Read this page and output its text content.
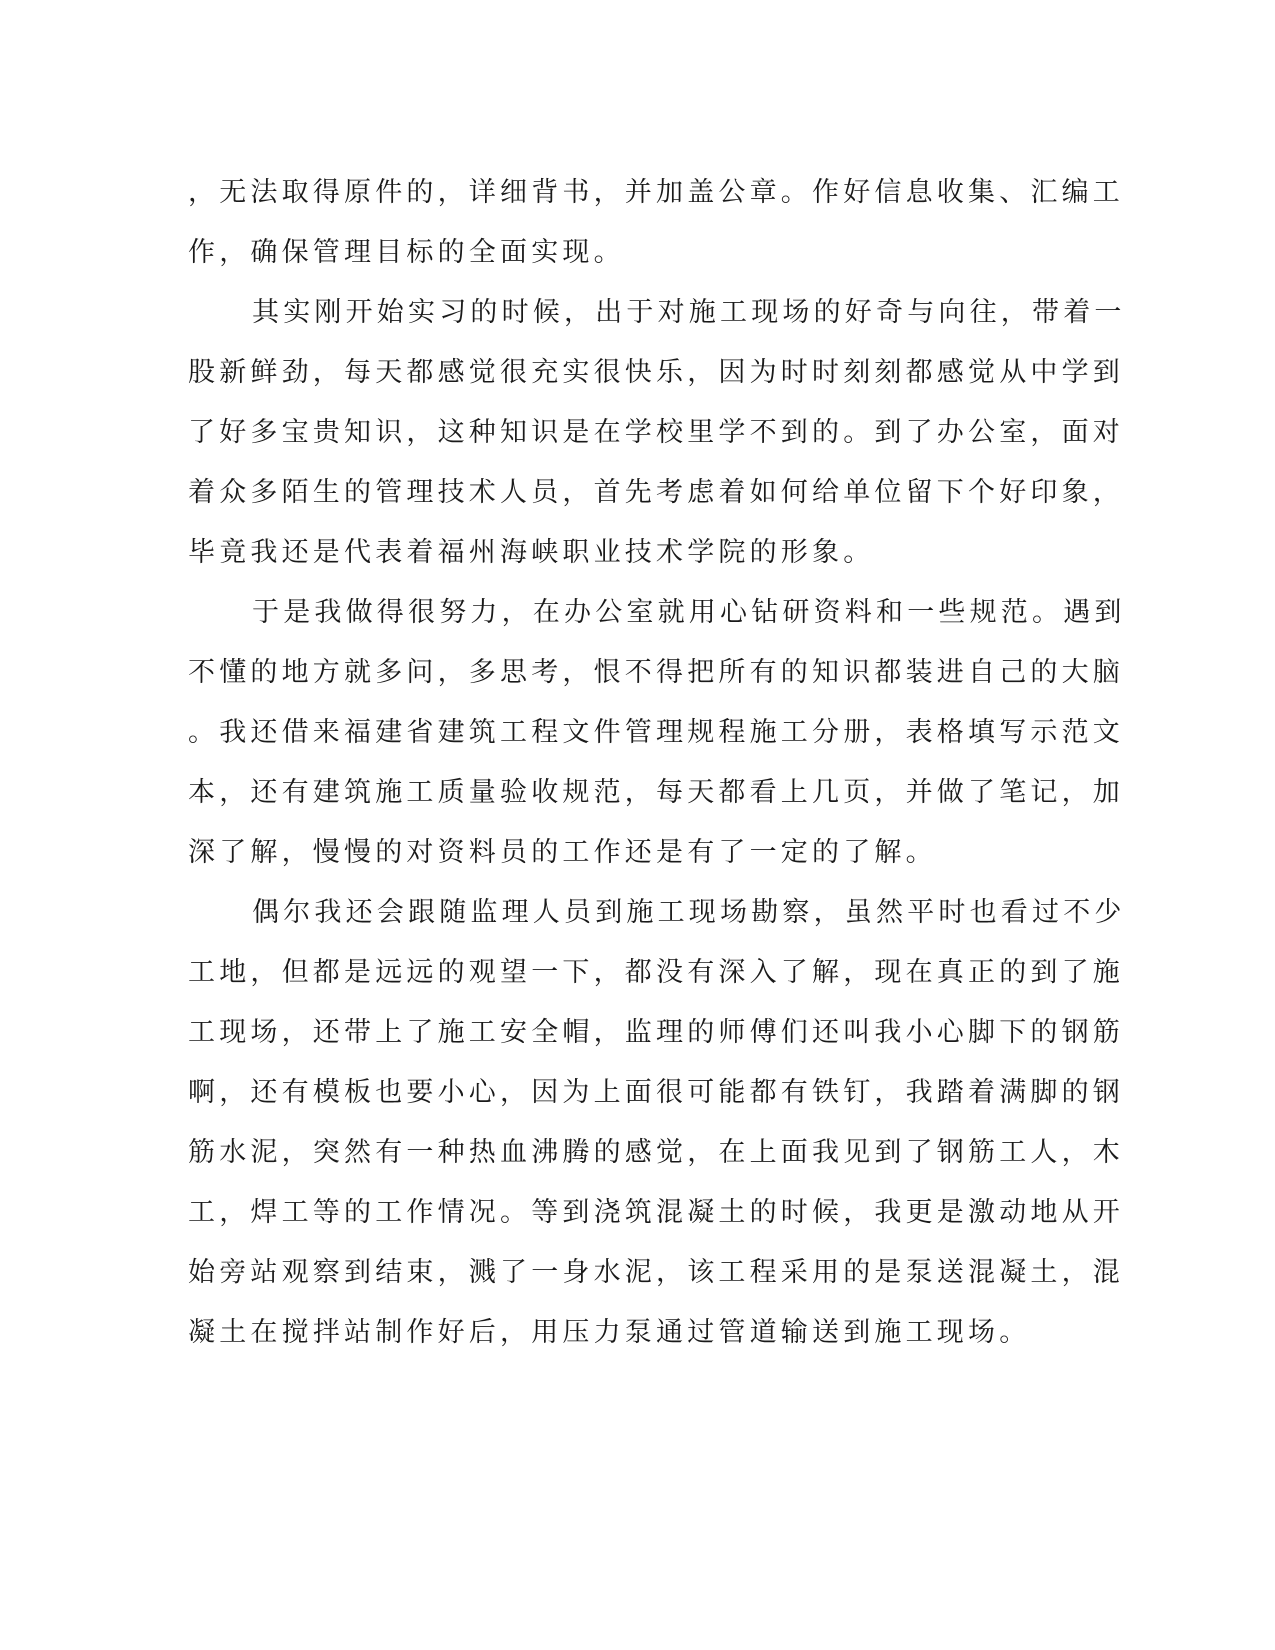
，无法取得原件的，详细背书，并加盖公章。作好信息收集、汇编工
作，确保管理目标的全面实现。
其实刚开始实习的时候，出于对施工现场的好奇与向往，带着一
股新鲜劲，每天都感觉很充实很快乐，因为时时刻刻都感觉从中学到
了好多宝贵知识，这种知识是在学校里学不到的。到了办公室，面对
着众多陌生的管理技术人员，首先考虑着如何给单位留下个好印象，
毕竟我还是代表着福州海峡职业技术学院的形象。
于是我做得很努力，在办公室就用心钻研资料和一些规范。遇到
不懂的地方就多问，多思考，恨不得把所有的知识都装进自己的大脑
。我还借来福建省建筑工程文件管理规程施工分册，表格填写示范文
本，还有建筑施工质量验收规范，每天都看上几页，并做了笔记，加
深了解，慢慢的对资料员的工作还是有了一定的了解。
偶尔我还会跟随监理人员到施工现场勘察，虽然平时也看过不少
工地，但都是远远的观望一下，都没有深入了解，现在真正的到了施
工现场，还带上了施工安全帽，监理的师傅们还叫我小心脚下的钢筋
啊，还有模板也要小心，因为上面很可能都有铁钉，我踏着满脚的钢
筋水泥，突然有一种热血沸腾的感觉，在上面我见到了钢筋工人，木
工，焊工等的工作情况。等到浇筑混凝土的时候，我更是激动地从开
始旁站观察到结束，溅了一身水泥，该工程采用的是泵送混凝土，混
凝土在搅拌站制作好后，用压力泵通过管道输送到施工现场。
